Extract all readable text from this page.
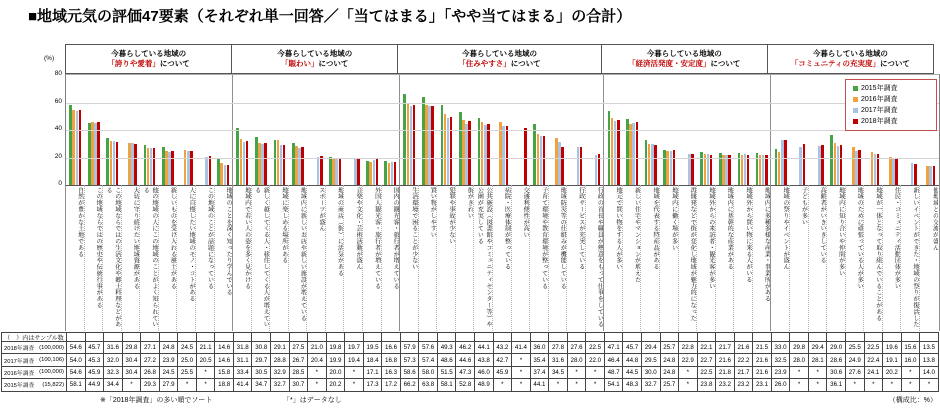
■地域元気の評価47要素（それぞれ単一回答／「当てはまる」「やや当てはまる」の合計）
(%)
0
20
40
60
80
今暮らしている地域の
「誇りや愛着」について
今暮らしている地域の
「賑わい」について
今暮らしている地域の
「住みやすさ」について
今暮らしている地域の
「経済活発度・安定度」について
今暮らしている地域の
「コミュニティの充実度」について
2015年調査
2016年調査
2017年調査
2018年調査
自然が豊かな土地である	この地域ならではの歴史や伝統行事がある	この地域ならではの生活文化や郷土料理などがある	大切に守り続けたい地域資源がある	他の地域の人にこの地域のことがよく知られている	新しいものを受け入れる風土がある	人に自慢したい地域のモノ・コトがある	この地域のことが話題になっている	地域のことを深く知ったり学んでいる	地域内で若い人の姿を多く見かける	新しく越してくる人・移住してくる人が増えている	地域に楽しめる場所がある	地域内に新しいお店や新しい施設が増えている	スポーツが盛ん	地域の商店（街）に活気がある	音楽や文化・芸術活動が盛ん	外国人観光客・旅行者が増えている	国内の観光客・旅行者が増えている	生活環境で困ることが少ない	買い物がしやすい	犯罪や事故が少ない	街がきれい	公共施設（図書館やコミュニティセンター等）や公園が充実している	病院・医療体制が整っている	交通利便性が高い	子育て環境や教育環境が整っている	地域防災等の仕組みが機能している	行政サービスが充実している	行政の首長や職員が熱意をもって仕事をしている	地元で買い物をする人が多い	新しい住宅やマンションが増えた	地域を代表する特産品がある	地域内に働く場が多い	再開発などで街が変化し地域が魅力的になった	地域外からの来訪者・観光客が多い	地域内に基幹的な産業がある	地域外から買い物に来る人がいる	地域内に多種多様な産業・事業所がある	地域の祭りやイベントが盛ん	子どもが多い	高齢者がいきいきしている	地域内に知り合いや仲間が多い	地域のために頑張っている人が多い	地域が一体となって取り組んでいることがある	住民・コミュニティ活動団体が多い	新しいイベントができた・地域の祭りが復活した	他地域との交流が盛ん
（　）内はサンプル数
2018年調査 (100,000) 54.6	45.7	31.6	29.8	27.1	24.8	24.5	21.1	14.6	31.8	30.8	29.1	27.5	21.0	19.8	19.7	19.5	16.6	57.9	57.6	49.3	46.2	44.1	43.2	41.4	36.0	27.8	27.6	22.5	47.1	45.7	29.4	25.7	22.8	22.1	21.7	21.6	21.5	33.0	29.8	29.4	29.0	25.5	22.5	19.6	15.6	13.5
2017年調査 (100,106) 54.0	45.3	32.0	30.4	27.2	23.9	25.0	20.5	14.6	31.1	29.7	28.8	26.7	20.4	19.9	19.4	18.4	16.8	57.3	57.4	48.6	44.6	43.8	42.7	*	35.4	31.6	28.0	22.0	46.4	44.8	29.5	24.8	22.9	22.7	21.6	22.2	21.6	32.5	28.0	28.1	28.6	24.9	22.4	19.1	16.0	13.8
2016年調査 (100,000) 54.6	45.9	32.3	30.4	26.8	24.5	25.5	*	15.8	33.4	30.5	32.9	28.5	*	20.0	*	17.1	16.3	58.6	58.0	51.5	47.3	46.0	45.9	*	37.4	34.5	*	*	48.7	44.5	30.0	24.8	*	22.5	21.8	21.7	21.6	23.9	*	*	30.6	27.6	24.1	20.2	*	14.0
2015年調査 (15,822) 58.1	44.9	34.4	*	29.3	27.9	*	*	18.8	41.4	34.7	32.7	30.7	*	20.2	*	17.3	17.2	66.2	63.8	58.1	52.8	48.9	*	*	44.1	*	*	*	54.1	48.3	32.7	25.7	*	23.8	23.2	23.2	23.1	26.0	*	*	36.1	*	*	*	*	*
※「2018年調査」の多い順でソート	「*」はデータなし	（構成比：%）
